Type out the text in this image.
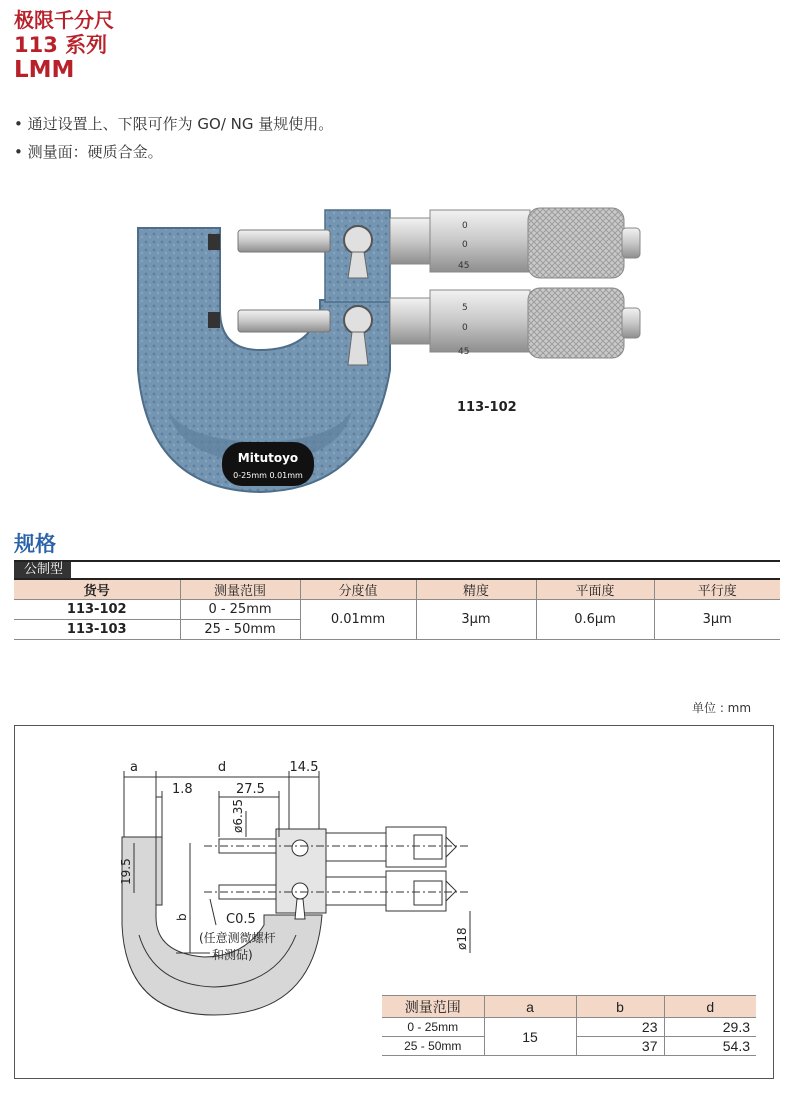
极限千分尺
113 系列
LMM
• 通过设置上、下限可作为 GO/ NG 量规使用。
• 测量面：硬质合金。
0
0
45
5
0
45
Mitutoyo
0-25mm 0.01mm
113-102
规格
公制型
货号	测量范围	分度值	精度	平面度	平行度
113-102	0 - 25mm	0.01mm	3μm	0.6μm	3μm
113-103	25 - 50mm				
单位 : mm
a	d	14.5
1.8	27.5
ø6.35
19.5
b
ø18
C0.5
(任意测微螺杆
和测砧)
测量范围	a	b	d
0 - 25mm	15	23	29.3
25 - 50mm		37	54.3
